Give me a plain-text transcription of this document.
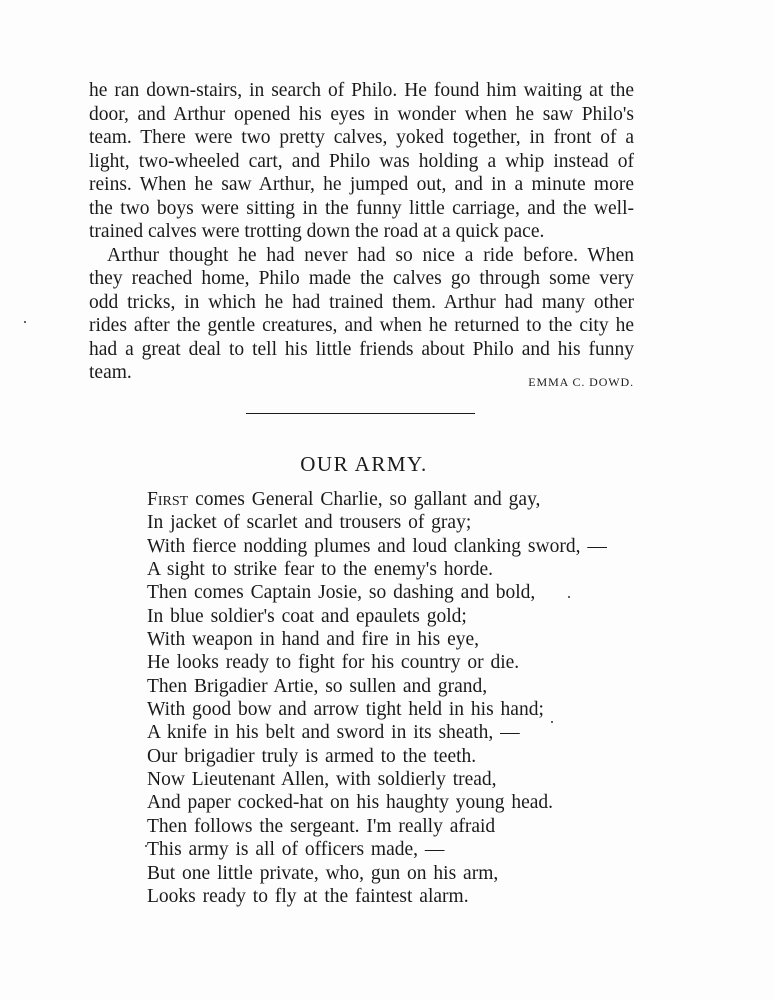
he ran down-stairs, in search of Philo. He found him waiting at the
door, and Arthur opened his eyes in wonder when he saw Philo's
team. There were two pretty calves, yoked together, in front of a
light, two-wheeled cart, and Philo was holding a whip instead of
reins. When he saw Arthur, he jumped out, and in a minute more
the two boys were sitting in the funny little carriage, and the well-
trained calves were trotting down the road at a quick pace.
Arthur thought he had never had so nice a ride before. When
they reached home, Philo made the calves go through some very
odd tricks, in which he had trained them. Arthur had many other
rides after the gentle creatures, and when he returned to the city he
had a great deal to tell his little friends about Philo and his funny
team.	EMMA C. DOWD.
OUR ARMY.
First comes General Charlie, so gallant and gay,
In jacket of scarlet and trousers of gray;
With fierce nodding plumes and loud clanking sword, —
A sight to strike fear to the enemy's horde.
Then comes Captain Josie, so dashing and bold,
In blue soldier's coat and epaulets gold;
With weapon in hand and fire in his eye,
He looks ready to fight for his country or die.
Then Brigadier Artie, so sullen and grand,
With good bow and arrow tight held in his hand;
A knife in his belt and sword in its sheath, —
Our brigadier truly is armed to the teeth.
Now Lieutenant Allen, with soldierly tread,
And paper cocked-hat on his haughty young head.
Then follows the sergeant. I'm really afraid
This army is all of officers made, —
But one little private, who, gun on his arm,
Looks ready to fly at the faintest alarm.
